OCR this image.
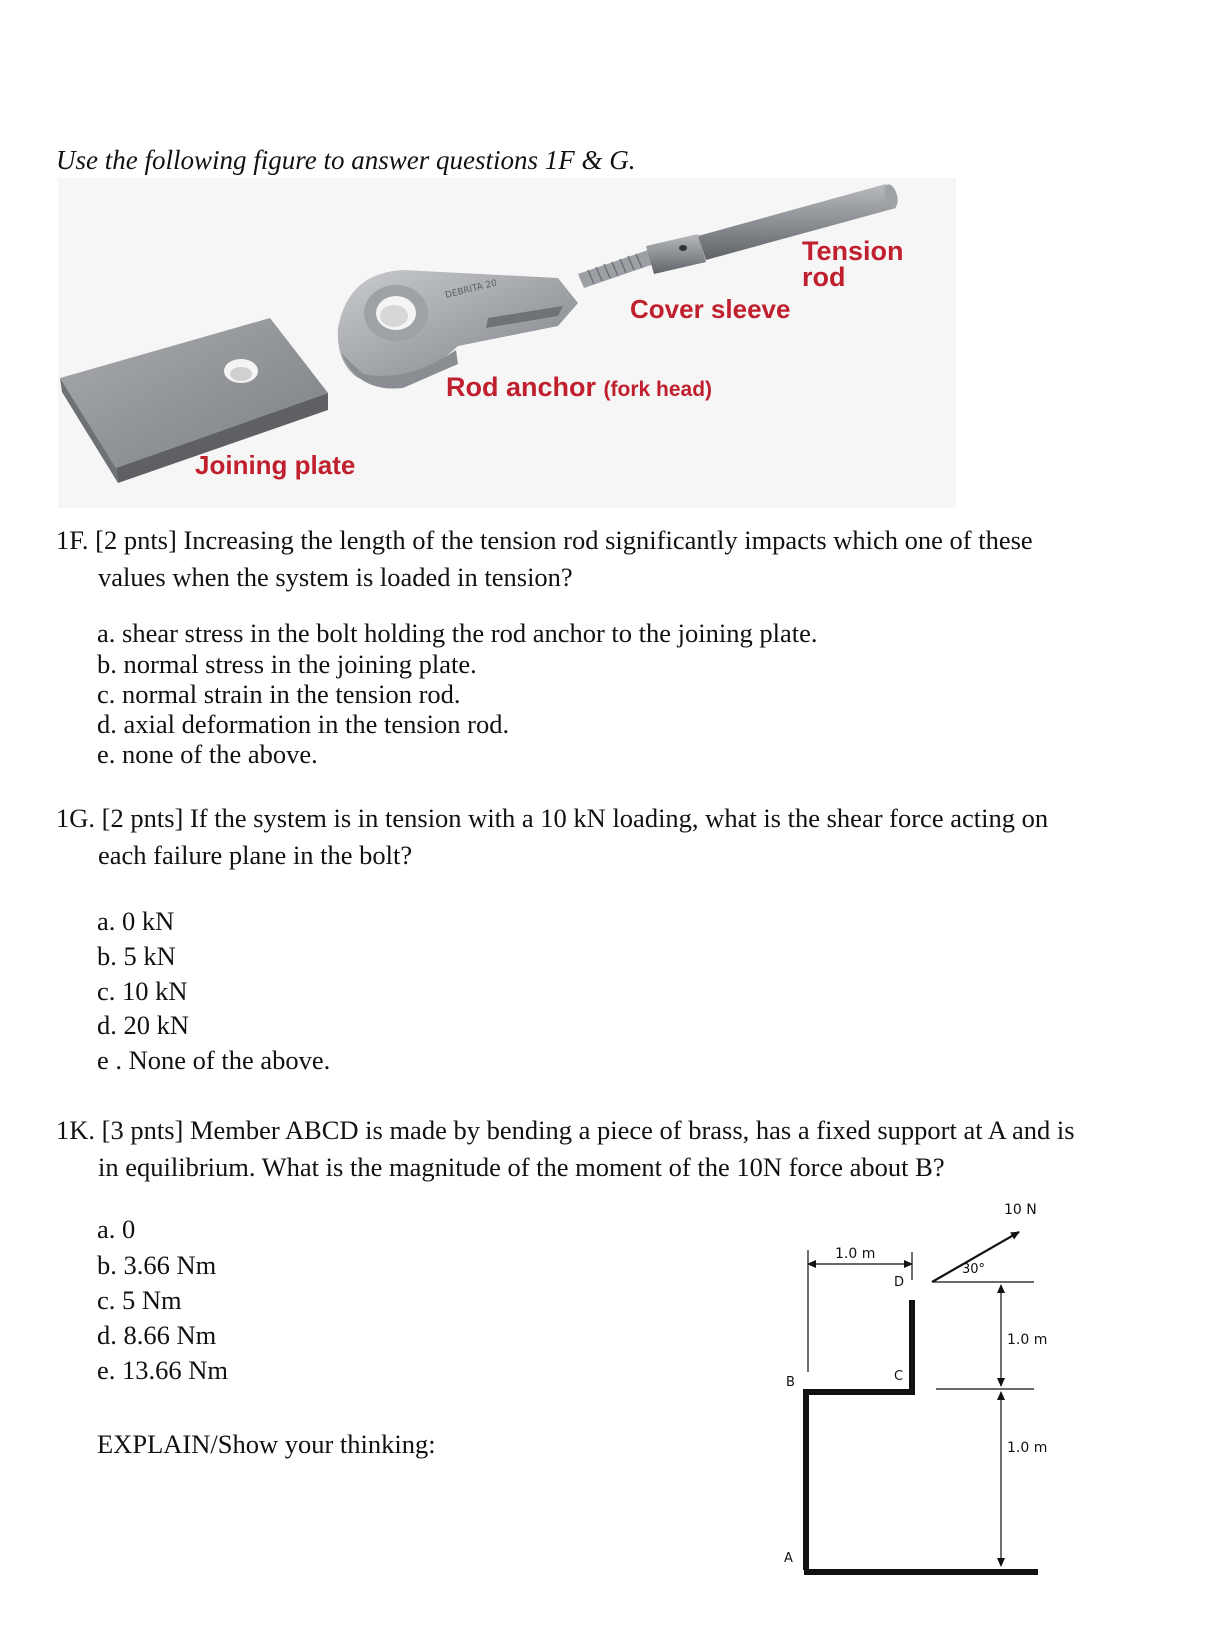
Use the following figure to answer questions 1F & G.
DEBRITA 20
Tension
rod
Cover sleeve
Rod anchor (fork head)
Joining plate
1F. [2 pnts] Increasing the length of the tension rod significantly impacts which one of these
values when the system is loaded in tension?
a. shear stress in the bolt holding the rod anchor to the joining plate.
b. normal stress in the joining plate.
c. normal strain in the tension rod.
d. axial deformation in the tension rod.
e. none of the above.
1G. [2 pnts] If the system is in tension with a 10 kN loading, what is the shear force acting on
each failure plane in the bolt?
a. 0 kN
b. 5 kN
c. 10 kN
d. 20 kN
e . None of the above.
1K. [3 pnts] Member ABCD is made by bending a piece of brass, has a fixed support at A and is
in equilibrium. What is the magnitude of the moment of the 10N force about B?
a. 0
b. 3.66 Nm
c. 5 Nm
d. 8.66 Nm
e. 13.66 Nm
EXPLAIN/Show your thinking:
1.0 m
10 N
30°
1.0 m
1.0 m
B
A
C
D
